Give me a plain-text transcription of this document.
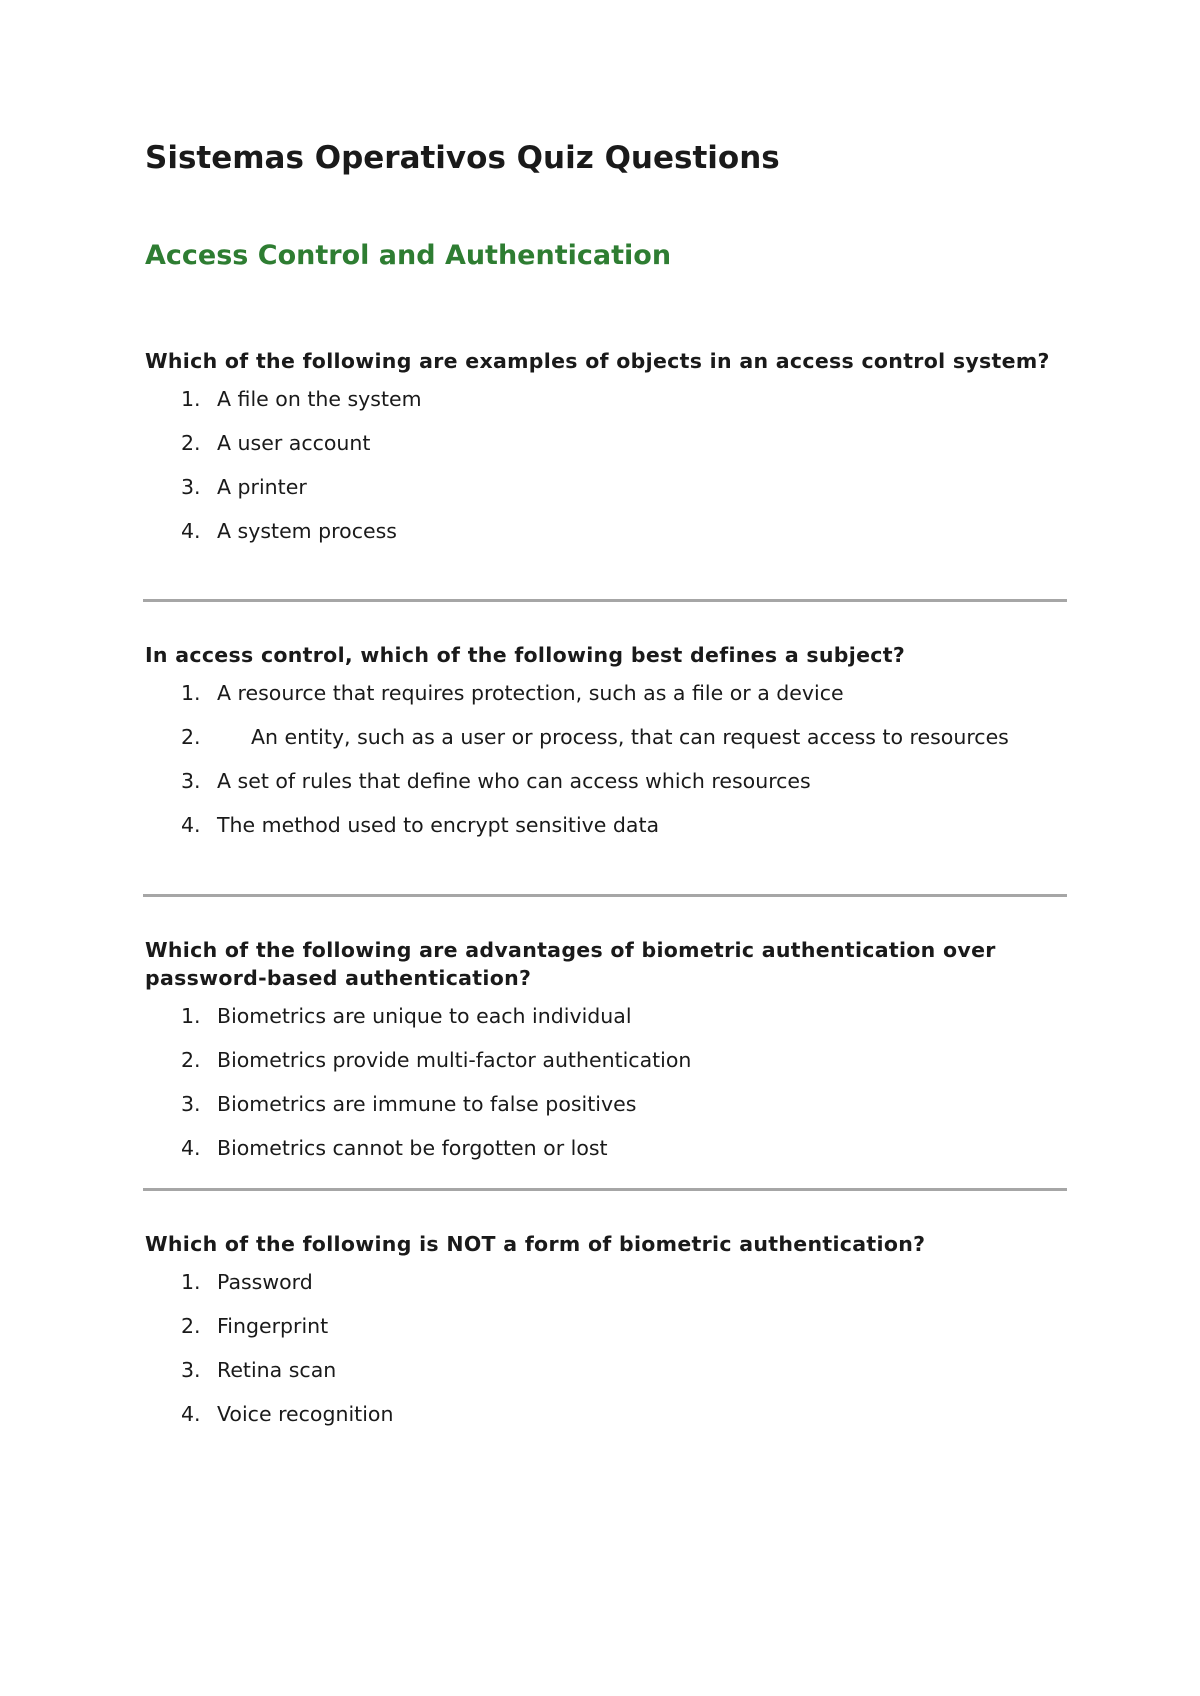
Sistemas Operativos Quiz Questions
Access Control and Authentication

Which of the following are examples of objects in an access control system?

1. A file on the system
2. A user account
3. A printer
4. A system process

In access control, which of the following best defines a subject?

1. A resource that requires protection, such as a file or a device
2. An entity, such as a user or process, that can request access to resources
3. A set of rules that define who can access which resources
4. The method used to encrypt sensitive data

Which of the following are advantages of biometric authentication over password-based authentication?

1. Biometrics are unique to each individual
2. Biometrics provide multi-factor authentication
3. Biometrics are immune to false positives
4. Biometrics cannot be forgotten or lost

Which of the following is NOT a form of biometric authentication?

1. Password
2. Fingerprint
3. Retina scan
4. Voice recognition
